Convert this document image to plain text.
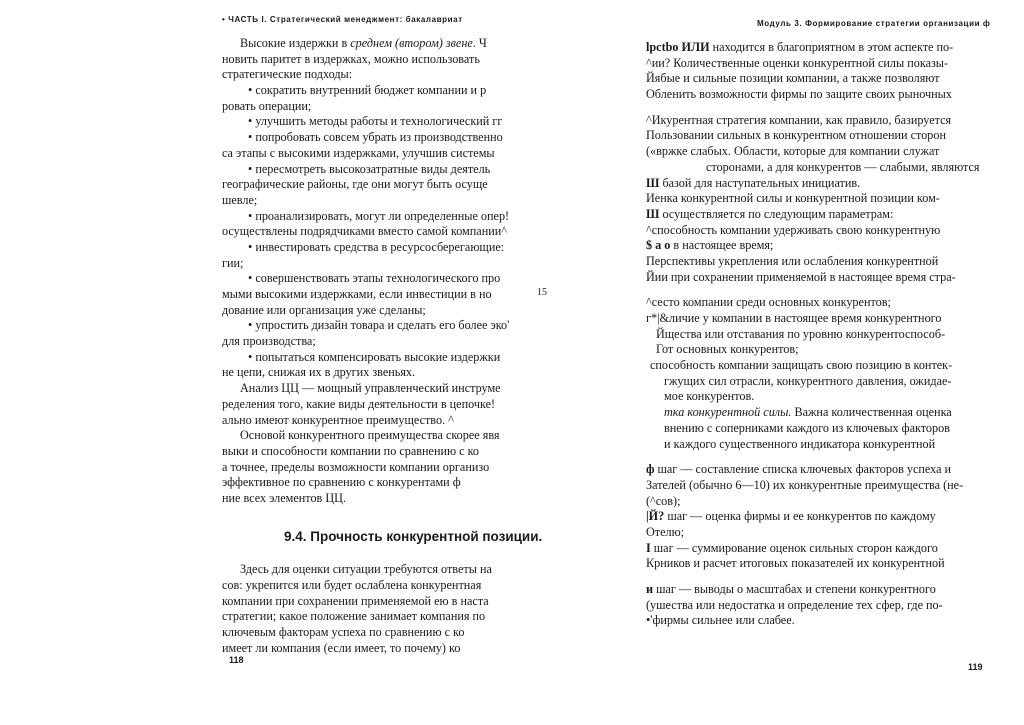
• ЧАСТЬ I. Стратегический менеджмент: бакалавриат
Высокие издержки в среднем (втором) звене. Ч
новить паритет в издержках, можно использовать
стратегические подходы:
• сократить внутренний бюджет компании и р
ровать операции;
• улучшить методы работы и технологический гг
• попробовать совсем убрать из производственно
са этапы с высокими издержками, улучшив системы
• пересмотреть высокозатратные виды деятель
географические районы, где они могут быть осуще
шевле;
• проанализировать, могут ли определенные опер!
осуществлены подрядчиками вместо самой компании^
• инвестировать средства в ресурсосберегающие:
гии;
• совершенствовать этапы технологического про
мыми высокими издержками, если инвестиции в но
дование или организация уже сделаны;
• упростить дизайн товара и сделать его более эко'
для производства;
• попытаться компенсировать высокие издержки
не цепи, снижая их в других звеньях.
Анализ ЦЦ — мощный управленческий инструме
ределения того, какие виды деятельности в цепочке!
ально имеют конкурентное преимущество. ^
Основой конкурентного преимущества скорее явя
выки и способности компании по сравнению с ко
а точнее, пределы возможности компании организо
эффективное по сравнению с конкурентами ф
ние всех элементов ЦЦ.
9.4. Прочность конкурентной позиции.
Здесь для оценки ситуации требуются ответы на
сов: укрепится или будет ослаблена конкурентная
компании при сохранении применяемой ею в наста
стратегии; какое положение занимает компания по
ключевым факторам успеха по сравнению с ко
имеет ли компания (если имеет, то почему) ко
118
15
Модуль 3. Формирование стратегии организации ф
lpctbo ИЛИ находится в благоприятном в этом аспекте по-
^ии? Количественные оценки конкурентной силы показы-
Йябые и сильные позиции компании, а также позволяют
Обленить возможности фирмы по защите своих рыночных
^Икурентная стратегия компании, как правило, базируется
Пользовании сильных в конкурентном отношении сторон
(«вржке слабых. Области, которые для компании служат
сторонами, а для конкурентов — слабыми, являются
Ш базой для наступательных инициатив.
Иенка конкурентной силы и конкурентной позиции ком-
Ш осуществляется по следующим параметрам:
^способность компании удерживать свою конкурентную
$ а о в настоящее время;
Перспективы укрепления или ослабления конкурентной
Йии при сохранении применяемой в настоящее время стра-
^сесто компании среди основных конкурентов;
г*|&личие у компании в настоящее время конкурентного
Йщества или отставания по уровню конкурентоспособ-
Гот основных конкурентов;
способность компании защищать свою позицию в контек-
гжущих сил отрасли, конкурентного давления, ожидае-
мое конкурентов.
тка конкурентной силы. Важна количественная оценка
внению с соперниками каждого из ключевых факторов
и каждого существенного индикатора конкурентной
ф шаг — составление списка ключевых факторов успеха и
Зателей (обычно 6—10) их конкурентные преимущества (не-
(^сов);
|Й? шаг — оценка фирмы и ее конкурентов по каждому
Отелю;
I шаг — суммирование оценок сильных сторон каждого
Крников и расчет итоговых показателей их конкурентной
и шаг — выводы о масштабах и степени конкурентного
(ушества или недостатка и определение тех сфер, где по-
•'фирмы сильнее или слабее.
119
